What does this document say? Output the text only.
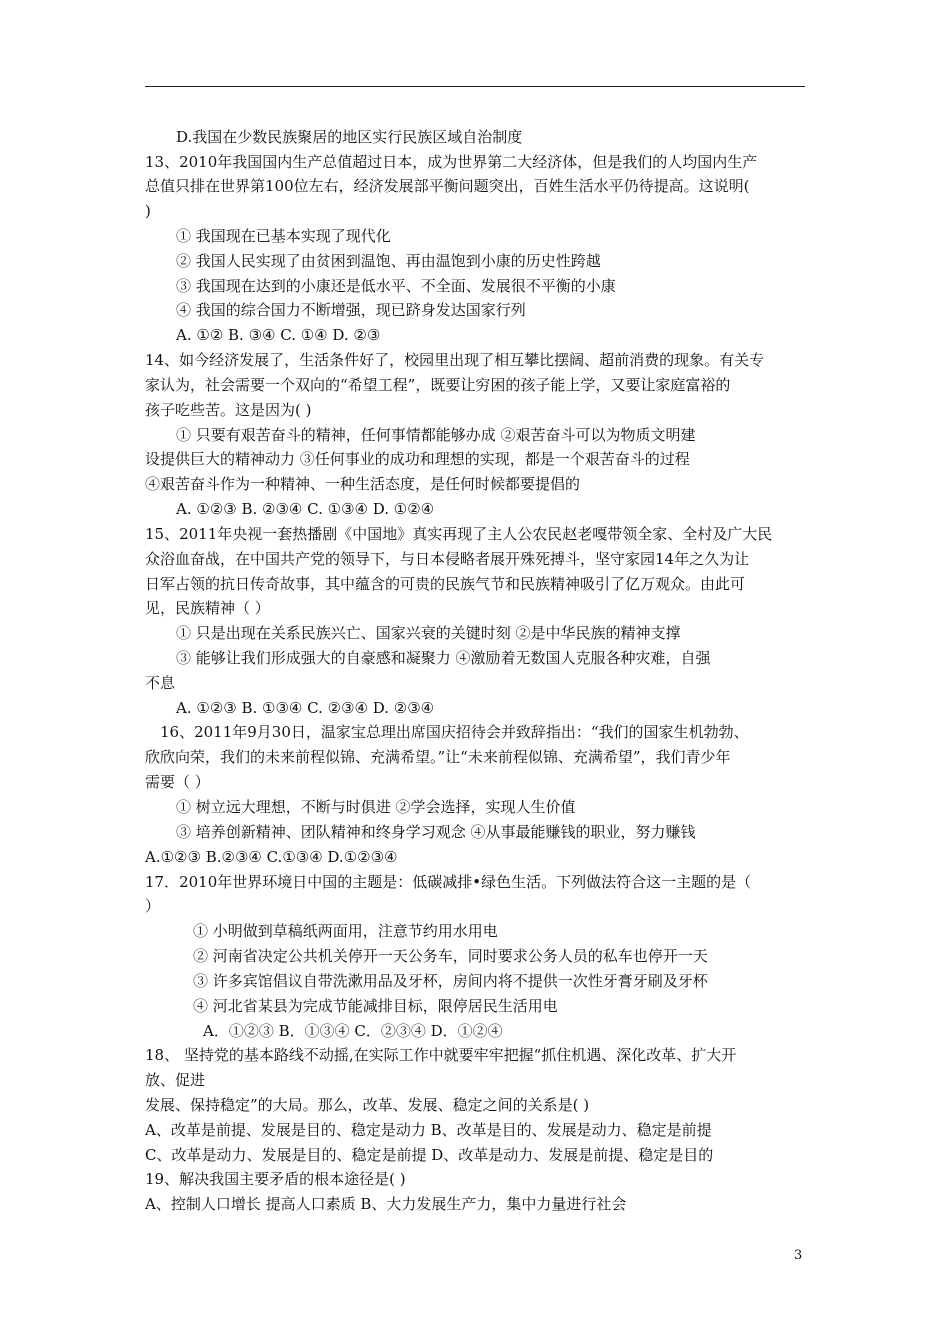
D.我国在少数民族聚居的地区实行民族区域自治制度
13、2010年我国国内生产总值超过日本，成为世界第二大经济体，但是我们的人均国内生产
总值只排在世界第100位左右，经济发展部平衡问题突出，百姓生活水平仍待提高。这说明(
)
① 我国现在已基本实现了现代化
② 我国人民实现了由贫困到温饱、再由温饱到小康的历史性跨越
③ 我国现在达到的小康还是低水平、不全面、发展很不平衡的小康
④ 我国的综合国力不断增强，现已跻身发达国家行列
A. ①② B. ③④ C. ①④ D. ②③
14、如今经济发展了，生活条件好了，校园里出现了相互攀比摆阔、超前消费的现象。有关专
家认为，社会需要一个双向的“希望工程”，既要让穷困的孩子能上学，又要让家庭富裕的
孩子吃些苦。这是因为( )
① 只要有艰苦奋斗的精神，任何事情都能够办成 ②艰苦奋斗可以为物质文明建
设提供巨大的精神动力 ③任何事业的成功和理想的实现，都是一个艰苦奋斗的过程
④艰苦奋斗作为一种精神、一种生活态度，是任何时候都要提倡的
A. ①②③ B. ②③④ C. ①③④ D. ①②④
15、2011年央视一套热播剧《中国地》真实再现了主人公农民赵老嘎带领全家、全村及广大民
众浴血奋战，在中国共产党的领导下，与日本侵略者展开殊死搏斗，坚守家园14年之久为让
日军占领的抗日传奇故事，其中蕴含的可贵的民族气节和民族精神吸引了亿万观众。由此可
见，民族精神（ ）
① 只是出现在关系民族兴亡、国家兴衰的关键时刻 ②是中华民族的精神支撑
③ 能够让我们形成强大的自豪感和凝聚力 ④激励着无数国人克服各种灾难，自强
不息
A. ①②③ B. ①③④ C. ②③④ D. ②③④
16、2011年9月30日，温家宝总理出席国庆招待会并致辞指出：“我们的国家生机勃勃、
欣欣向荣，我们的未来前程似锦、充满希望。”让“未来前程似锦、充满希望”，我们青少年
需要（ ）
① 树立远大理想，不断与时俱进 ②学会选择，实现人生价值
③ 培养创新精神、团队精神和终身学习观念 ④从事最能赚钱的职业，努力赚钱
A.①②③ B.②③④ C.①③④ D.①②③④
17．2010年世界环境日中国的主题是：低碳减排•绿色生活。下列做法符合这一主题的是（
）
① 小明做到草稿纸两面用，注意节约用水用电
② 河南省决定公共机关停开一天公务车，同时要求公务人员的私车也停开一天
③ 许多宾馆倡议自带洗漱用品及牙杯，房间内将不提供一次性牙膏牙刷及牙杯
④ 河北省某县为完成节能减排目标，限停居民生活用电
A．①②③ B．①③④ C．②③④ D．①②④
18、 坚持党的基本路线不动摇,在实际工作中就要牢牢把握“抓住机遇、深化改革、扩大开
放、促进
发展、保持稳定”的大局。那么，改革、发展、稳定之间的关系是( )
A、改革是前提、发展是目的、稳定是动力 B、改革是目的、发展是动力、稳定是前提
C、改革是动力、发展是目的、稳定是前提 D、改革是动力、发展是前提、稳定是目的
19、解决我国主要矛盾的根本途径是( )
A、控制人口增长 提高人口素质 B、大力发展生产力，集中力量进行社会
3
